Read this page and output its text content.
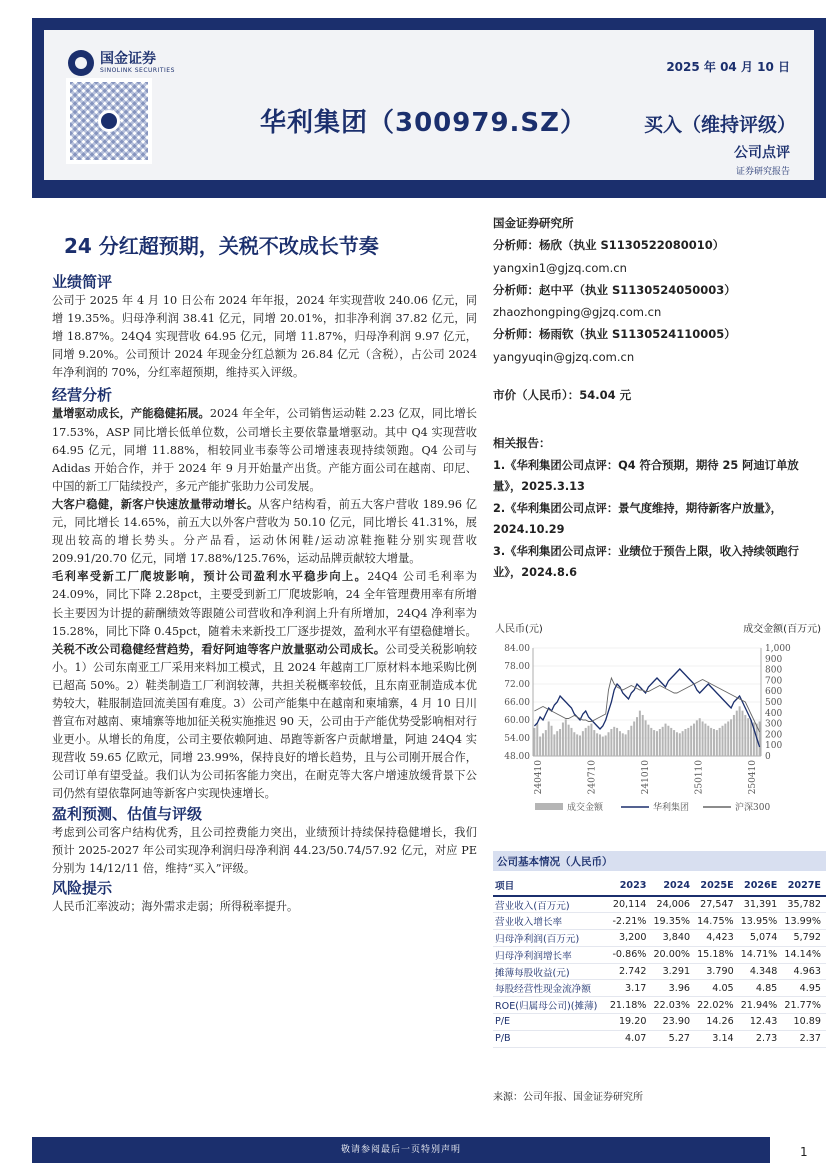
国金证券
SINOLINK SECURITIES	2025 年 04 月 10 日
华利集团（300979.SZ）	买入（维持评级）
公司点评
证券研究报告
24 分红超预期，关税不改成长节奏
业绩简评

公司于 2025 年 4 月 10 日公布 2024 年年报，2024 年实现营收 240.06 亿元，同增 19.35%。归母净利润 38.41 亿元，同增 20.01%，扣非净利润 37.82 亿元，同增 18.87%。24Q4 实现营收 64.95 亿元，同增 11.87%，归母净利润 9.97 亿元，同增 9.20%。公司预计 2024 年现金分红总额为 26.84 亿元（含税），占公司 2024 年净利润的 70%，分红率超预期，维持买入评级。

经营分析

量增驱动成长，产能稳健拓展。2024 年全年，公司销售运动鞋 2.23 亿双，同比增长 17.53%，ASP 同比增长低单位数，公司增长主要依靠量增驱动。其中 Q4 实现营收 64.95 亿元，同增 11.88%，相较同业韦泰等公司增速表现持续领跑。Q4 公司与 Adidas 开始合作，并于 2024 年 9 月开始量产出货。产能方面公司在越南、印尼、中国的新工厂陆续投产，多元产能扩张助力公司发展。

大客户稳健，新客户快速放量带动增长。从客户结构看，前五大客户营收 189.96 亿元，同比增长 14.65%，前五大以外客户营收为 50.10 亿元，同比增长 41.31%，展现出较高的增长势头。分产品看，运动休闲鞋/运动凉鞋拖鞋分别实现营收 209.91/20.70 亿元，同增 17.88%/125.76%，运动品牌贡献较大增量。

毛利率受新工厂爬坡影响，预计公司盈利水平稳步向上。24Q4 公司毛利率为 24.09%，同比下降 2.28pct，主要受到新工厂爬坡影响，24 全年管理费用率有所增长主要因为计提的薪酬绩效等跟随公司营收和净利润上升有所增加，24Q4 净利率为 15.28%，同比下降 0.45pct，随着未来新投工厂逐步提效，盈利水平有望稳健增长。

关税不改公司稳健经营趋势，看好阿迪等客户放量驱动公司成长。公司受关税影响较小。1）公司东南亚工厂采用来料加工模式，且 2024 年越南工厂原材料本地采购比例已超高 50%。2）鞋类制造工厂利润较薄，共担关税概率较低，且东南亚制造成本优势较大，鞋服制造回流美国有难度。3）公司产能集中在越南和柬埔寨，4 月 10 日川普宣布对越南、柬埔寨等地加征关税实施推迟 90 天，公司由于产能优势受影响相对行业更小。从增长的角度，公司主要依赖阿迪、昂跑等新客户贡献增量，阿迪 24Q4 实现营收 59.65 亿欧元，同增 23.99%，保持良好的增长趋势，且与公司刚开展合作，公司订单有望受益。我们认为公司拓客能力突出，在耐克等大客户增速放缓背景下公司仍然有望依靠阿迪等新客户实现快速增长。

盈利预测、估值与评级

考虑到公司客户结构优秀，且公司控费能力突出，业绩预计持续保持稳健增长，我们预计 2025-2027 年公司实现净利润归母净利润 44.23/50.74/57.92 亿元，对应 PE 分别为 14/12/11 倍，维持“买入”评级。

风险提示

人民币汇率波动；海外需求走弱；所得税率提升。

国金证券研究所
分析师：杨欣（执业 S1130522080010）
yangxin1@gjzq.com.cn
分析师：赵中平（执业 S1130524050003）
zhaozhongping@gjzq.com.cn
分析师：杨雨钦（执业 S1130524110005）
yangyuqin@gjzq.com.cn
市价（人民币）：54.04 元
相关报告：
1.《华利集团公司点评：Q4 符合预期，期待 25 阿迪订单放量》，2025.3.13
2.《华利集团公司点评：景气度维持，期待新客户放量》，2024.10.29
3.《华利集团公司点评：业绩位于预告上限，收入持续领跑行业》，2024.8.6
人民币(元)	成交金额(百万元)
84.00
78.00
72.00
66.00
60.00
54.00
48.00
1,000
900
800
700
600
500
400
300
200
100
0
240410	240710	241010	250110	250410
成交金额	华利集团	沪深300
公司基本情况（人民币）
项目	2023	2024	2025E	2026E	2027E
营业收入(百万元)	20,114	24,006	27,547	31,391	35,782
营业收入增长率	-2.21%	19.35%	14.75%	13.95%	13.99%
归母净利润(百万元)	3,200	3,840	4,423	5,074	5,792
归母净利润增长率	-0.86%	20.00%	15.18%	14.71%	14.14%
摊薄每股收益(元)	2.742	3.291	3.790	4.348	4.963
每股经营性现金流净额	3.17	3.96	4.05	4.85	4.95
ROE(归属母公司)(摊薄)	21.18%	22.03%	22.02%	21.94%	21.77%
P/E	19.20	23.90	14.26	12.43	10.89
P/B	4.07	5.27	3.14	2.73	2.37
来源：公司年报、国金证券研究所
敬请参阅最后一页特别声明	1
